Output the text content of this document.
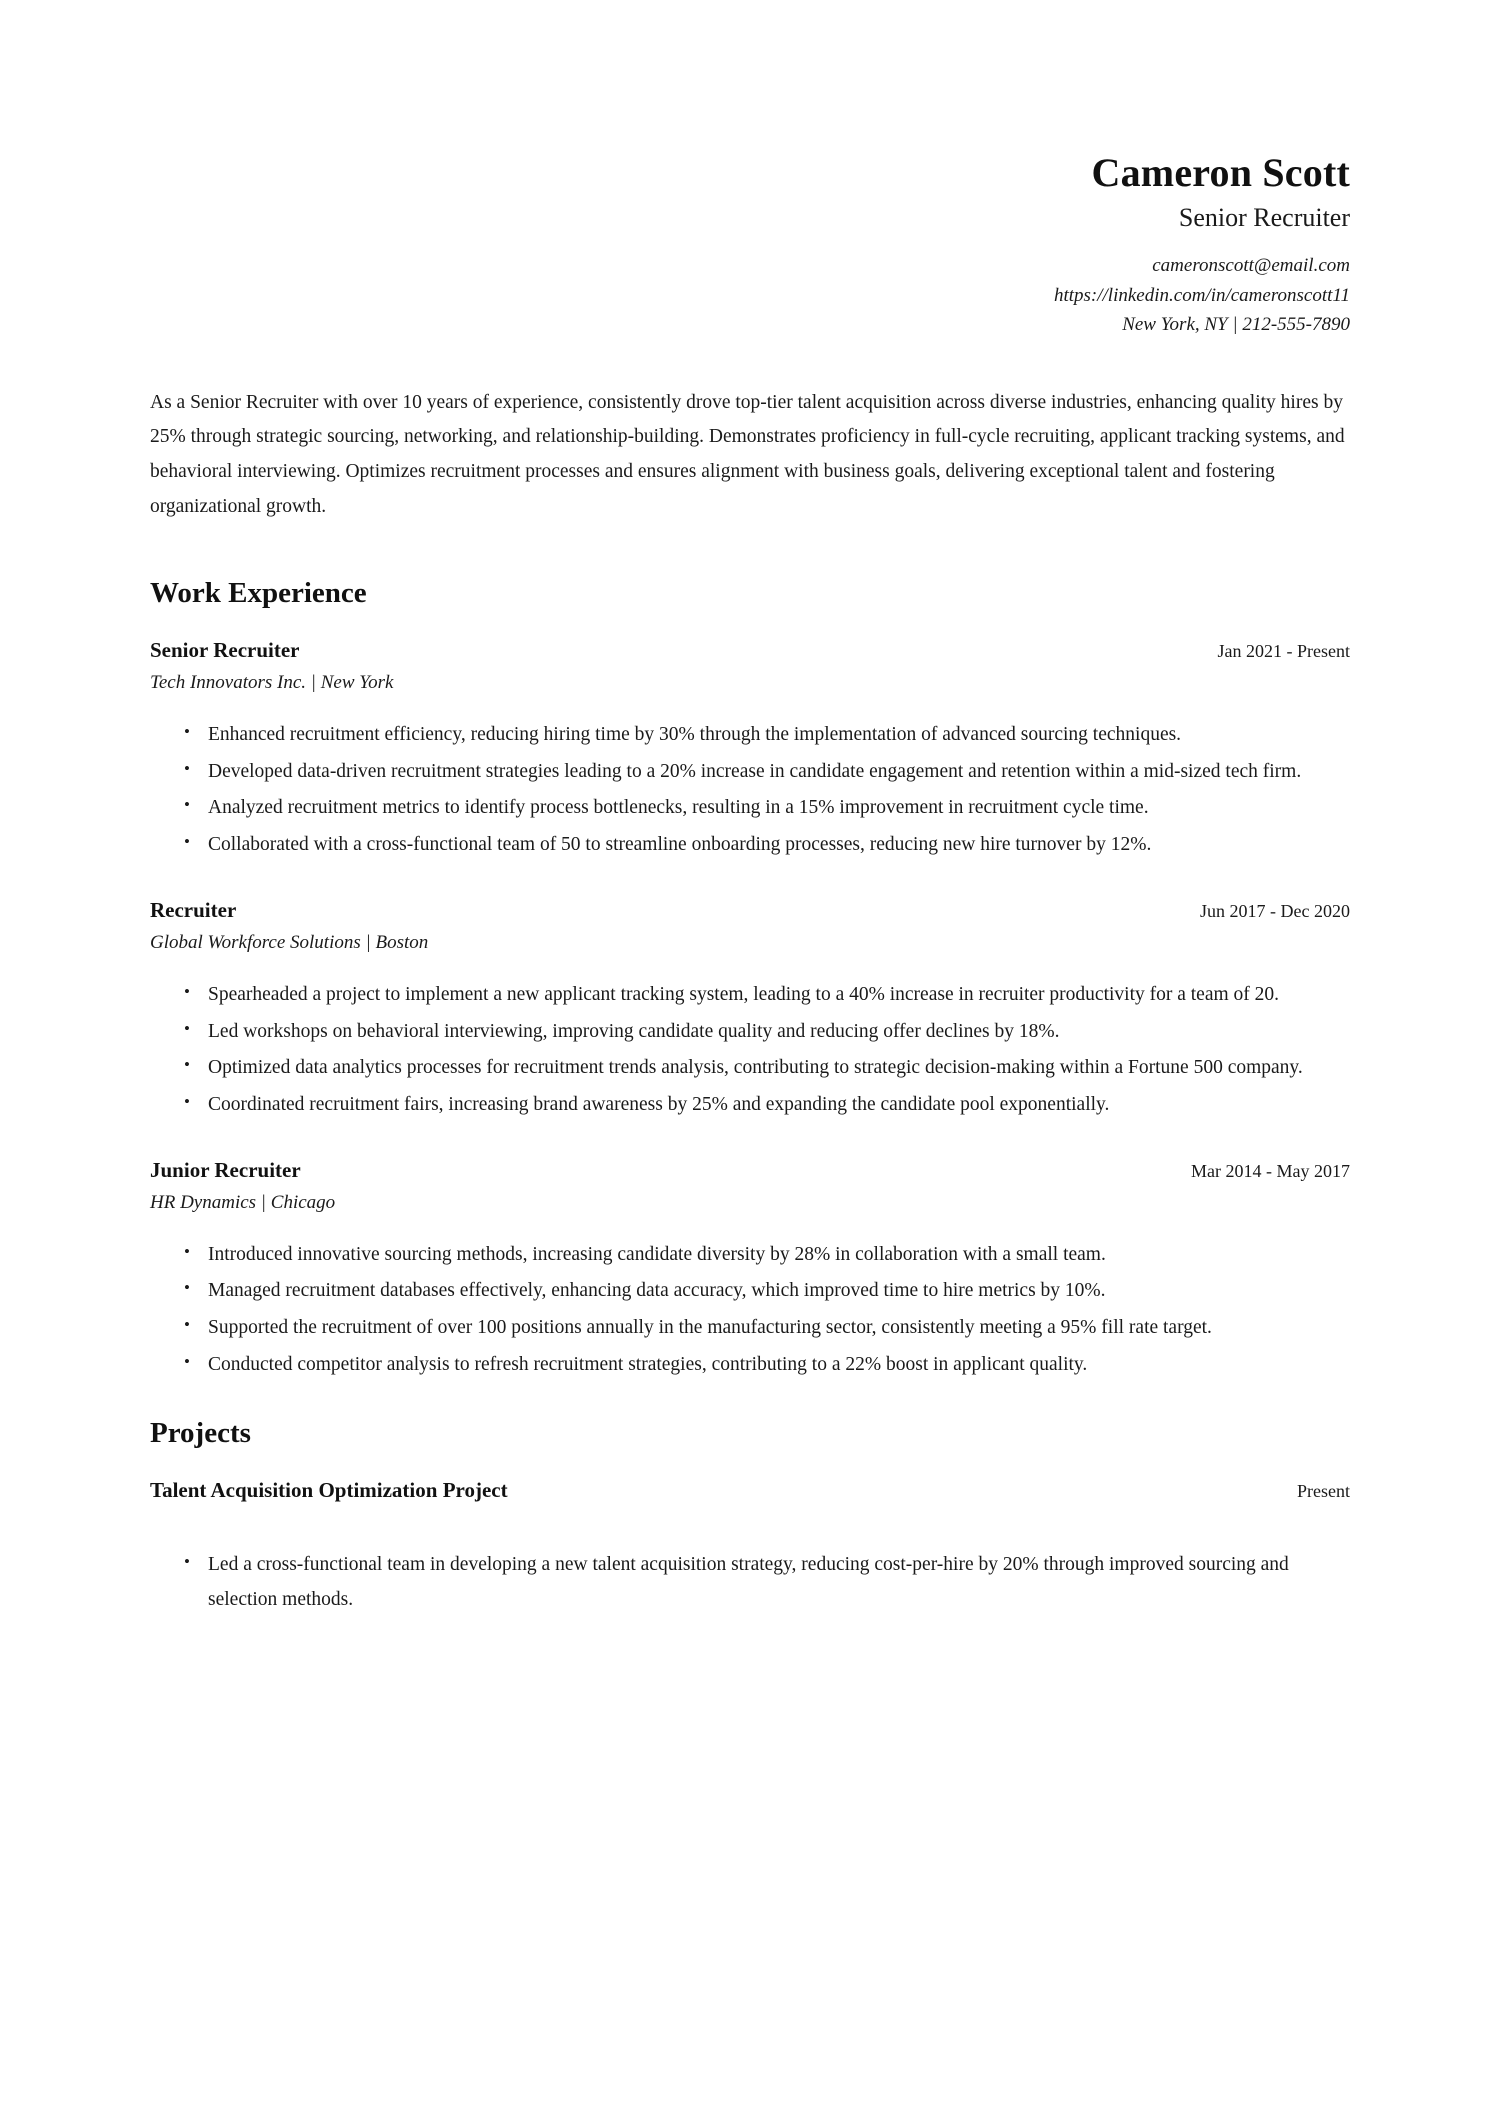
Cameron Scott
Senior Recruiter
cameronscott@email.com
https://linkedin.com/in/cameronscott11
New York, NY | 212-555-7890
As a Senior Recruiter with over 10 years of experience, consistently drove top-tier talent acquisition across diverse industries, enhancing quality hires by 25% through strategic sourcing, networking, and relationship-building. Demonstrates proficiency in full-cycle recruiting, applicant tracking systems, and behavioral interviewing. Optimizes recruitment processes and ensures alignment with business goals, delivering exceptional talent and fostering organizational growth.
Work Experience
Senior Recruiter	Jan 2021 - Present
Tech Innovators Inc. | New York
• Enhanced recruitment efficiency, reducing hiring time by 30% through the implementation of advanced sourcing techniques.
• Developed data-driven recruitment strategies leading to a 20% increase in candidate engagement and retention within a mid-sized tech firm.
• Analyzed recruitment metrics to identify process bottlenecks, resulting in a 15% improvement in recruitment cycle time.
• Collaborated with a cross-functional team of 50 to streamline onboarding processes, reducing new hire turnover by 12%.
Recruiter	Jun 2017 - Dec 2020
Global Workforce Solutions | Boston
• Spearheaded a project to implement a new applicant tracking system, leading to a 40% increase in recruiter productivity for a team of 20.
• Led workshops on behavioral interviewing, improving candidate quality and reducing offer declines by 18%.
• Optimized data analytics processes for recruitment trends analysis, contributing to strategic decision-making within a Fortune 500 company.
• Coordinated recruitment fairs, increasing brand awareness by 25% and expanding the candidate pool exponentially.
Junior Recruiter	Mar 2014 - May 2017
HR Dynamics | Chicago
• Introduced innovative sourcing methods, increasing candidate diversity by 28% in collaboration with a small team.
• Managed recruitment databases effectively, enhancing data accuracy, which improved time to hire metrics by 10%.
• Supported the recruitment of over 100 positions annually in the manufacturing sector, consistently meeting a 95% fill rate target.
• Conducted competitor analysis to refresh recruitment strategies, contributing to a 22% boost in applicant quality.
Projects
Talent Acquisition Optimization Project	Present
• Led a cross-functional team in developing a new talent acquisition strategy, reducing cost-per-hire by 20% through improved sourcing and selection methods.
